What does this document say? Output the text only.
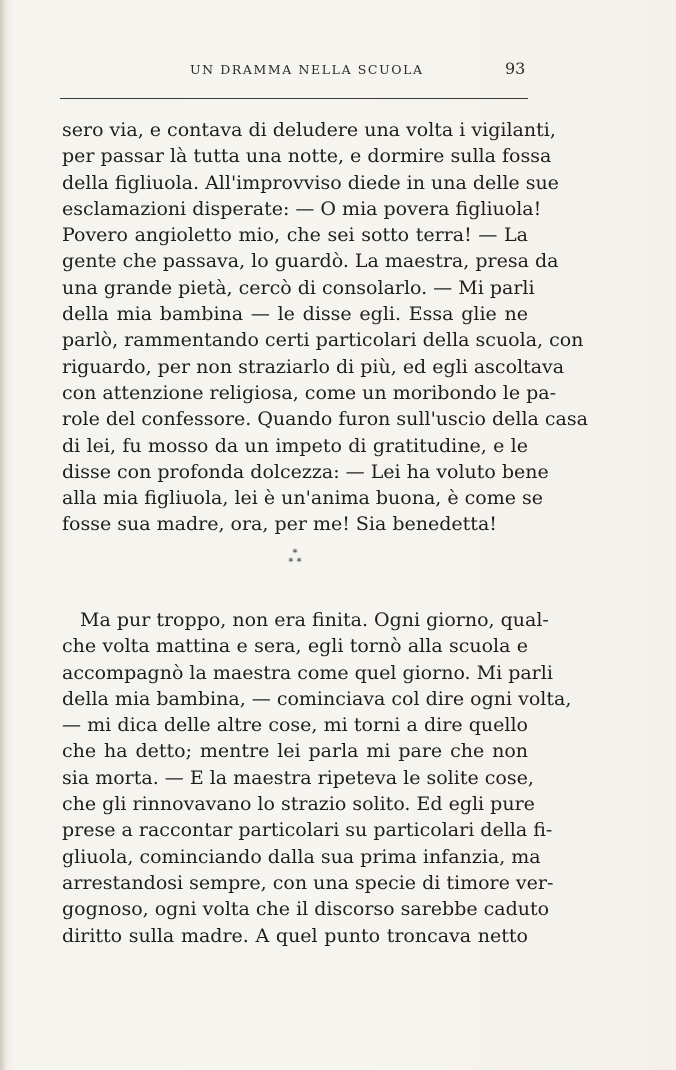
UN DRAMMA NELLA SCUOLA	93
sero via, e contava di deludere una volta i vigilanti,
per passar là tutta una notte, e dormire sulla fossa
della figliuola. All'improvviso diede in una delle sue
esclamazioni disperate: — O mia povera figliuola!
Povero angioletto mio, che sei sotto terra! — La
gente che passava, lo guardò. La maestra, presa da
una grande pietà, cercò di consolarlo. — Mi parli
della mia bambina — le disse egli. Essa glie ne
parlò, rammentando certi particolari della scuola, con
riguardo, per non straziarlo di più, ed egli ascoltava
con attenzione religiosa, come un moribondo le pa-
role del confessore. Quando furon sull'uscio della casa
di lei, fu mosso da un impeto di gratitudine, e le
disse con profonda dolcezza: — Lei ha voluto bene
alla mia figliuola, lei è un'anima buona, è come se
fosse sua madre, ora, per me! Sia benedetta!
*
* *
Ma pur troppo, non era finita. Ogni giorno, qual-
che volta mattina e sera, egli tornò alla scuola e
accompagnò la maestra come quel giorno. Mi parli
della mia bambina, — cominciava col dire ogni volta,
— mi dica delle altre cose, mi torni a dire quello
che ha detto; mentre lei parla mi pare che non
sia morta. — E la maestra ripeteva le solite cose,
che gli rinnovavano lo strazio solito. Ed egli pure
prese a raccontar particolari su particolari della fi-
gliuola, cominciando dalla sua prima infanzia, ma
arrestandosi sempre, con una specie di timore ver-
gognoso, ogni volta che il discorso sarebbe caduto
diritto sulla madre. A quel punto troncava netto
